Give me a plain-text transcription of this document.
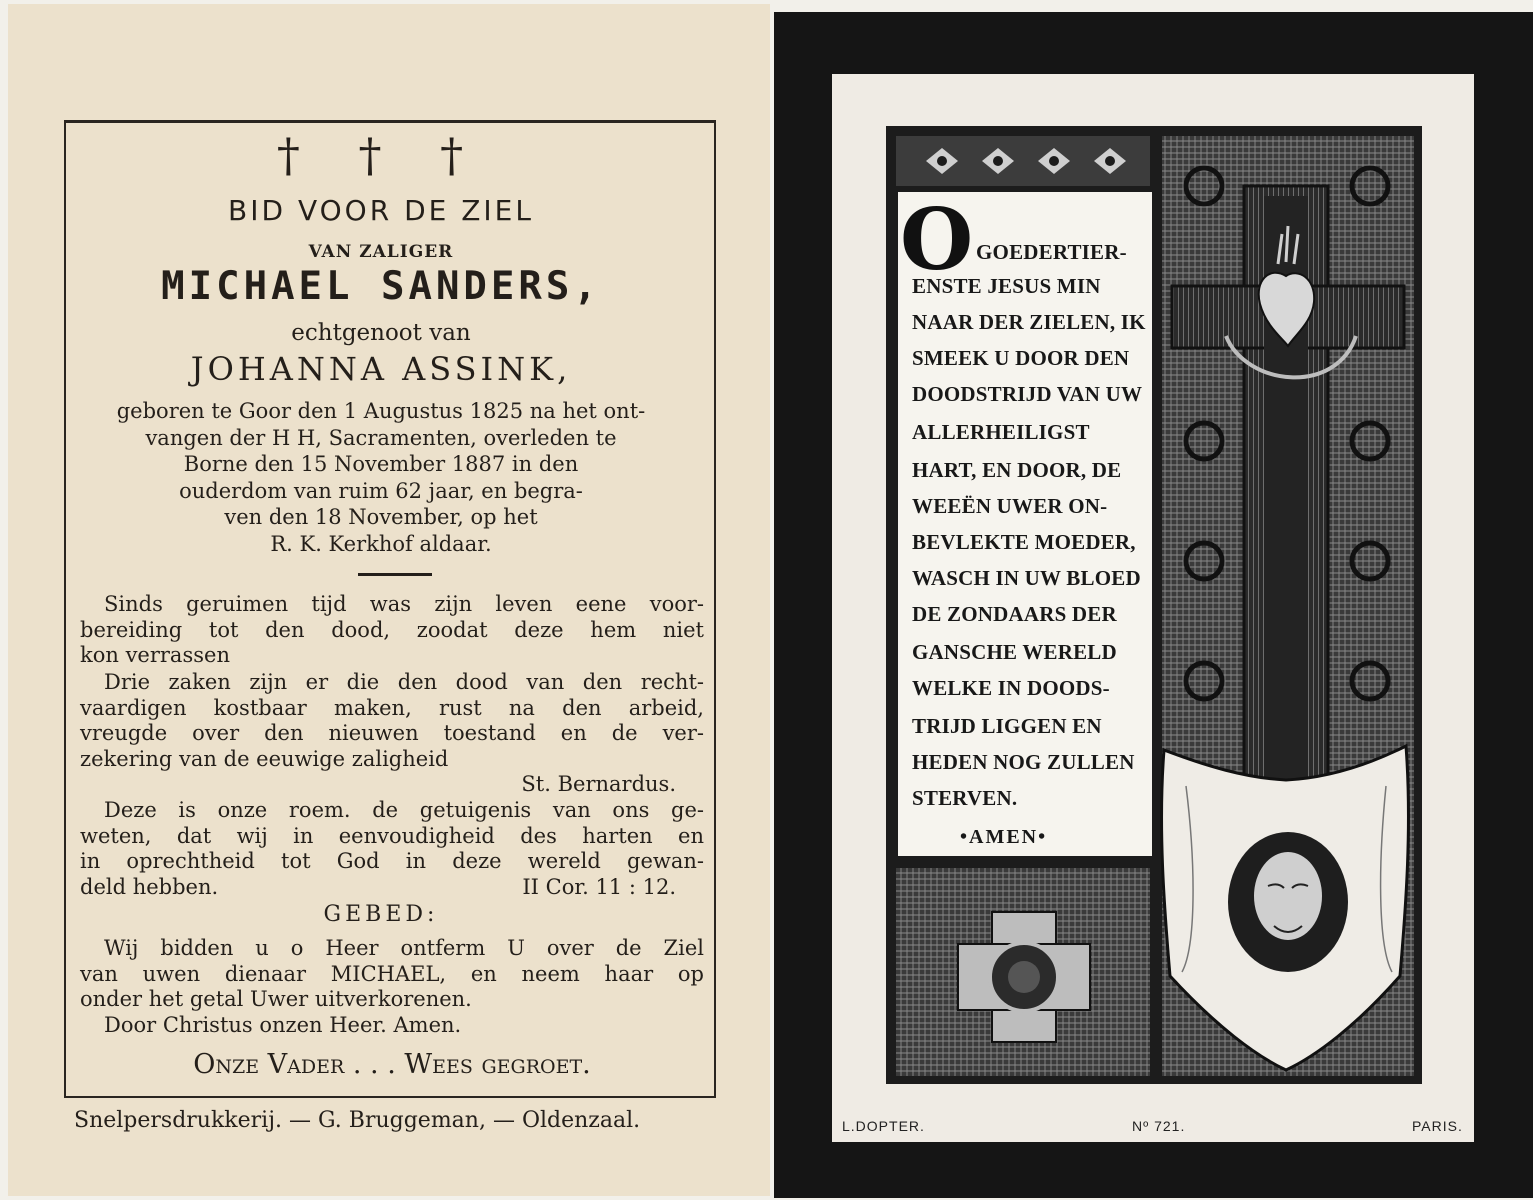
† † †
BID VOOR DE ZIEL
VAN ZALIGER
MICHAEL SANDERS,
echtgenoot van
JOHANNA ASSINK,
geboren te Goor den 1 Augustus 1825 na het ont-
vangen der H H, Sacramenten, overleden te
Borne den 15 November 1887 in den
ouderdom van ruim 62 jaar, en begra-
ven den 18 November, op het
R. K. Kerkhof aldaar.
Sinds geruimen tijd was zijn leven eene voor-
bereiding tot den dood, zoodat deze hem niet
kon verrassen
Drie zaken zijn er die den dood van den recht-
vaardigen kostbaar maken, rust na den arbeid,
vreugde over den nieuwen toestand en de ver-
zekering van de eeuwige zaligheid
St. Bernardus.
Deze is onze roem. de getuigenis van ons ge-
weten, dat wij in eenvoudigheid des harten en
in oprechtheid tot God in deze wereld gewan-
deld hebben.	II Cor. 11 : 12.
GEBED:
Wij bidden u o Heer ontferm U over de Ziel
van uwen dienaar MICHAEL, en neem haar op
onder het getal Uwer uitverkorenen.
Door Christus onzen Heer. Amen.
Onze Vader . . . Wees gegroet.
Snelpersdrukkerij. — G. Bruggeman, — Oldenzaal.
O GOEDERTIER-
ENSTE JESUS MIN
NAAR DER ZIELEN, IK
SMEEK U DOOR DEN
DOODSTRIJD VAN UW
ALLERHEILIGST
HART, EN DOOR, DE
WEEËN UWER ON-
BEVLEKTE MOEDER,
WASCH IN UW BLOED
DE ZONDAARS DER
GANSCHE WERELD
WELKE IN DOODS-
TRIJD LIGGEN EN
HEDEN NOG ZULLEN
STERVEN.
•AMEN•
L.DOPTER.	Nº 721.	PARIS.
